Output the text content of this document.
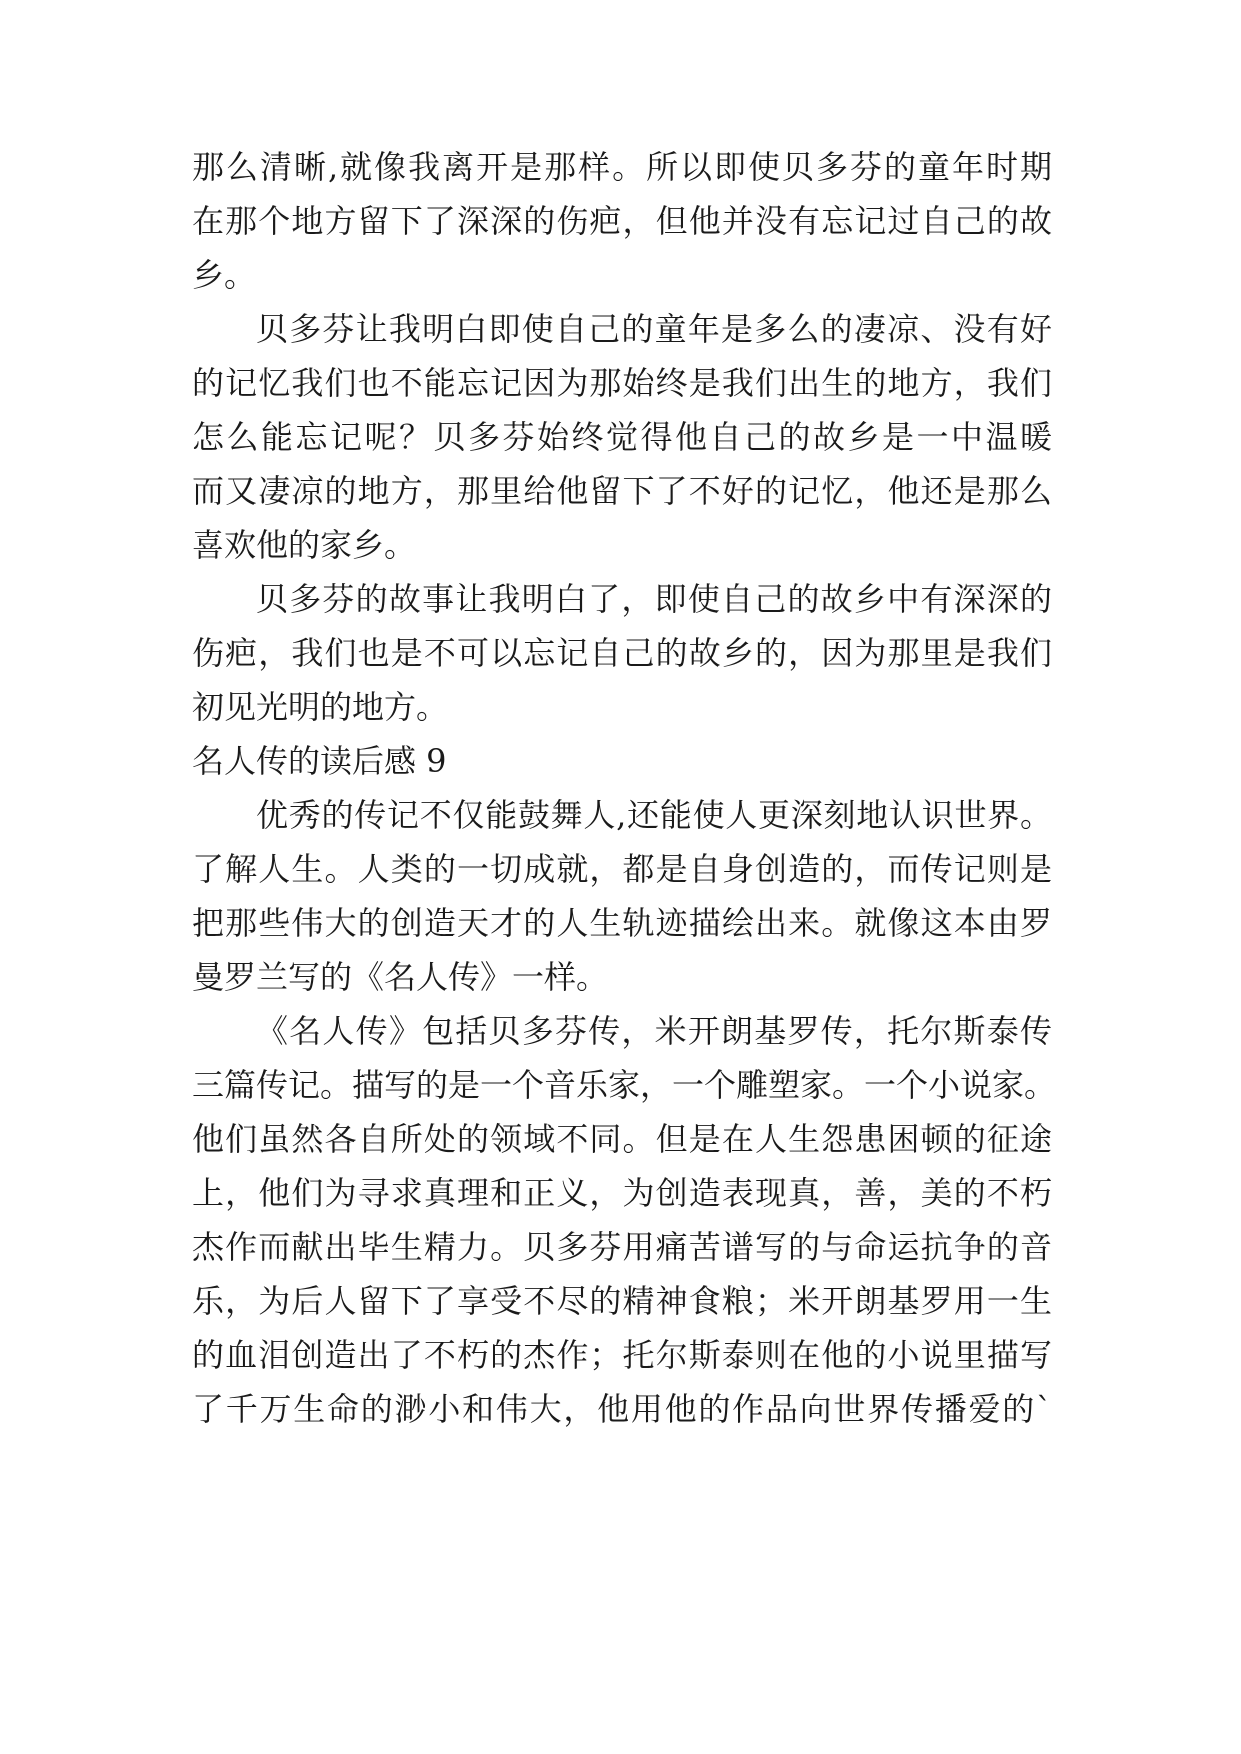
那么清晰,就像我离开是那样。所以即使贝多芬的童年时期
在那个地方留下了深深的伤疤，但他并没有忘记过自己的故
乡。
贝多芬让我明白即使自己的童年是多么的凄凉、没有好
的记忆我们也不能忘记因为那始终是我们出生的地方，我们
怎么能忘记呢？贝多芬始终觉得他自己的故乡是一中温暖
而又凄凉的地方，那里给他留下了不好的记忆，他还是那么
喜欢他的家乡。
贝多芬的故事让我明白了，即使自己的故乡中有深深的
伤疤，我们也是不可以忘记自己的故乡的，因为那里是我们
初见光明的地方。
名人传的读后感 9
优秀的传记不仅能鼓舞人,还能使人更深刻地认识世界。
了解人生。人类的一切成就，都是自身创造的，而传记则是
把那些伟大的创造天才的人生轨迹描绘出来。就像这本由罗
曼罗兰写的《名人传》一样。
《名人传》包括贝多芬传，米开朗基罗传，托尔斯泰传
三篇传记。描写的是一个音乐家，一个雕塑家。一个小说家。
他们虽然各自所处的领域不同。但是在人生怨患困顿的征途
上，他们为寻求真理和正义，为创造表现真，善，美的不朽
杰作而献出毕生精力。贝多芬用痛苦谱写的与命运抗争的音
乐，为后人留下了享受不尽的精神食粮；米开朗基罗用一生
的血泪创造出了不朽的杰作；托尔斯泰则在他的小说里描写
了千万生命的渺小和伟大，他用他的作品向世界传播爱的`
